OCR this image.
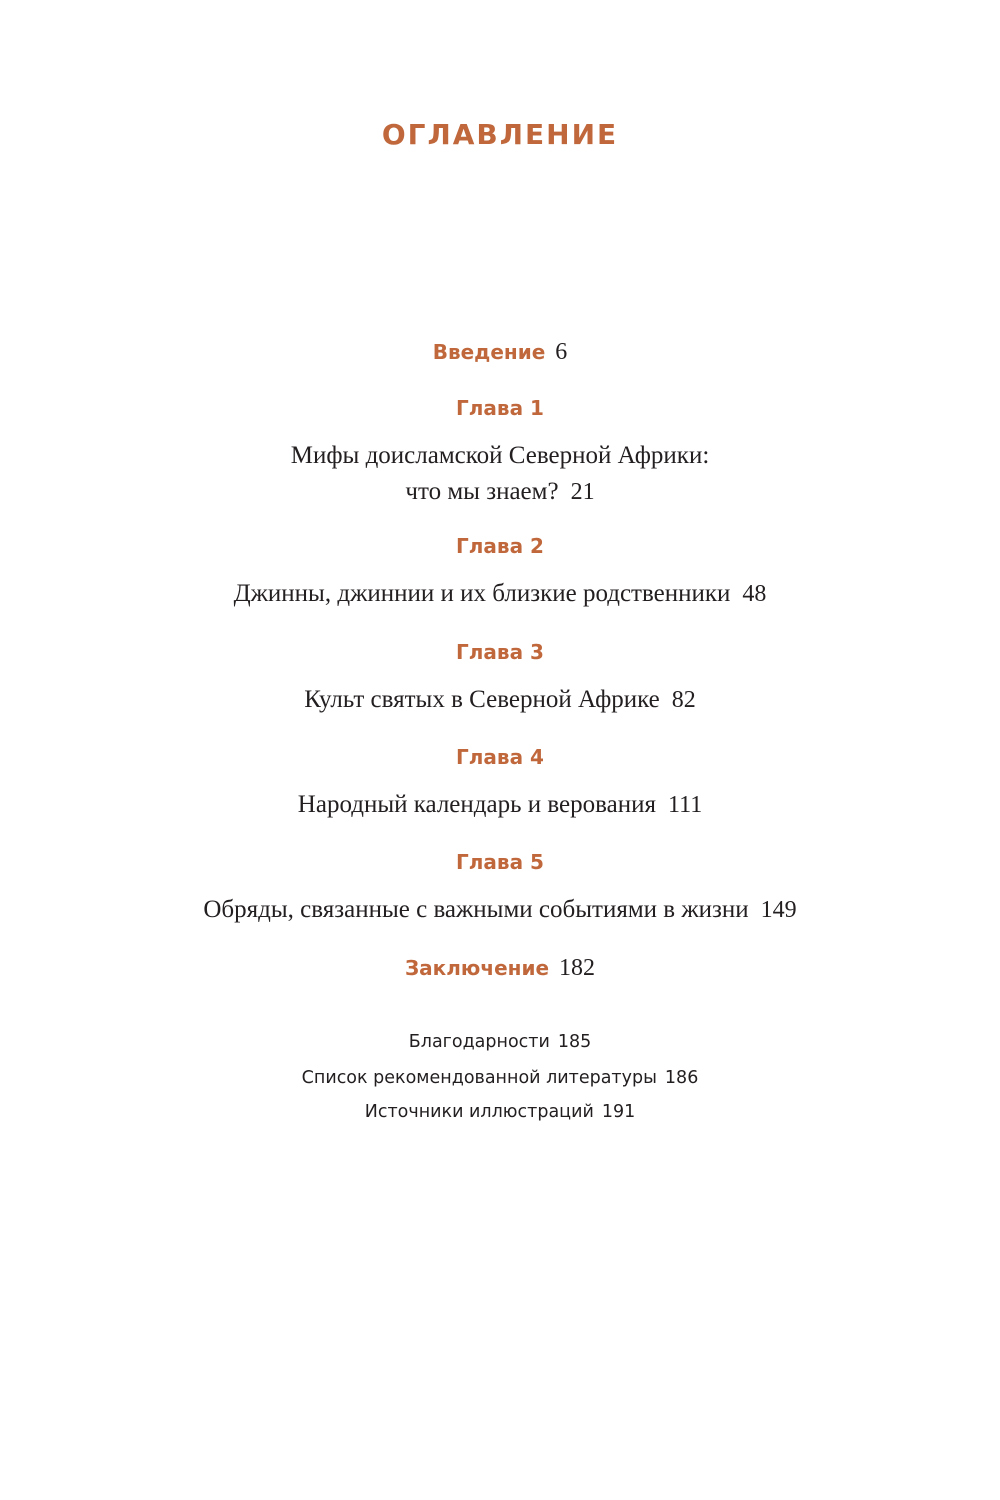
ОГЛАВЛЕНИЕ
Введение 6
Глава 1
Мифы доисламской Северной Африки:
что мы знаем? 21
Глава 2
Джинны, джиннии и их близкие родственники 48
Глава 3
Культ святых в Северной Африке 82
Глава 4
Народный календарь и верования 111
Глава 5
Обряды, связанные с важными событиями в жизни 149
Заключение 182
Благодарности 185
Список рекомендованной литературы 186
Источники иллюстраций 191
